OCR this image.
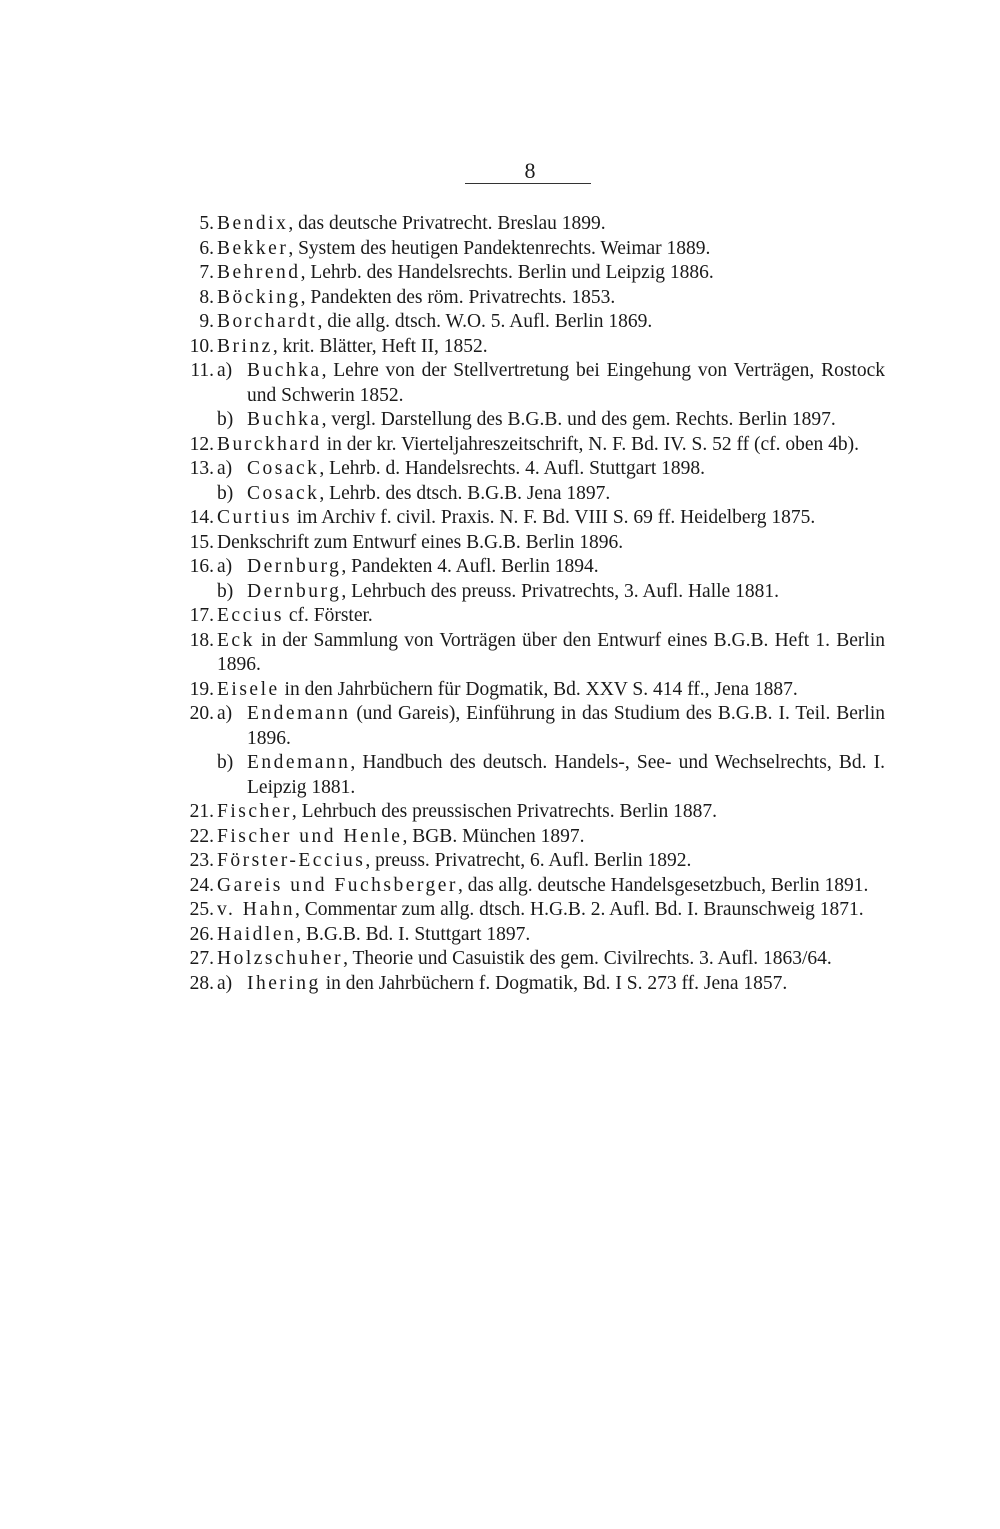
8
5. Bendix, das deutsche Privatrecht. Breslau 1899.
6. Bekker, System des heutigen Pandektenrechts. Weimar 1889.
7. Behrend, Lehrb. des Handelsrechts. Berlin und Leipzig 1886.
8. Böcking, Pandekten des röm. Privatrechts. 1853.
9. Borchardt, die allg. dtsch. W.O. 5. Aufl. Berlin 1869.
10. Brinz, krit. Blätter, Heft II, 1852.
11. a) Buchka, Lehre von der Stellvertretung bei Eingehung von Verträgen, Rostock und Schwerin 1852.
b) Buchka, vergl. Darstellung des B.G.B. und des gem. Rechts. Berlin 1897.
12. Burckhard in der kr. Vierteljahreszeitschrift, N. F. Bd. IV. S. 52 ff (cf. oben 4b).
13. a) Cosack, Lehrb. d. Handelsrechts. 4. Aufl. Stuttgart 1898.
b) Cosack, Lehrb. des dtsch. B.G.B. Jena 1897.
14. Curtius im Archiv f. civil. Praxis. N. F. Bd. VIII S. 69 ff. Heidelberg 1875.
15. Denkschrift zum Entwurf eines B.G.B. Berlin 1896.
16. a) Dernburg, Pandekten 4. Aufl. Berlin 1894.
b) Dernburg, Lehrbuch des preuss. Privatrechts, 3. Aufl. Halle 1881.
17. Eccius cf. Förster.
18. Eck in der Sammlung von Vorträgen über den Entwurf eines B.G.B. Heft 1. Berlin 1896.
19. Eisele in den Jahrbüchern für Dogmatik, Bd. XXV S. 414 ff., Jena 1887.
20. a) Endemann (und Gareis), Einführung in das Studium des B.G.B. I. Teil. Berlin 1896.
b) Endemann, Handbuch des deutsch. Handels-, See- und Wechselrechts, Bd. I. Leipzig 1881.
21. Fischer, Lehrbuch des preussischen Privatrechts. Berlin 1887.
22. Fischer und Henle, BGB. München 1897.
23. Förster-Eccius, preuss. Privatrecht, 6. Aufl. Berlin 1892.
24. Gareis und Fuchsberger, das allg. deutsche Handelsgesetzbuch, Berlin 1891.
25. v. Hahn, Commentar zum allg. dtsch. H.G.B. 2. Aufl. Bd. I. Braunschweig 1871.
26. Haidlen, B.G.B. Bd. I. Stuttgart 1897.
27. Holzschuher, Theorie und Casuistik des gem. Civilrechts. 3. Aufl. 1863/64.
28. a) Ihering in den Jahrbüchern f. Dogmatik, Bd. I S. 273 ff. Jena 1857.
